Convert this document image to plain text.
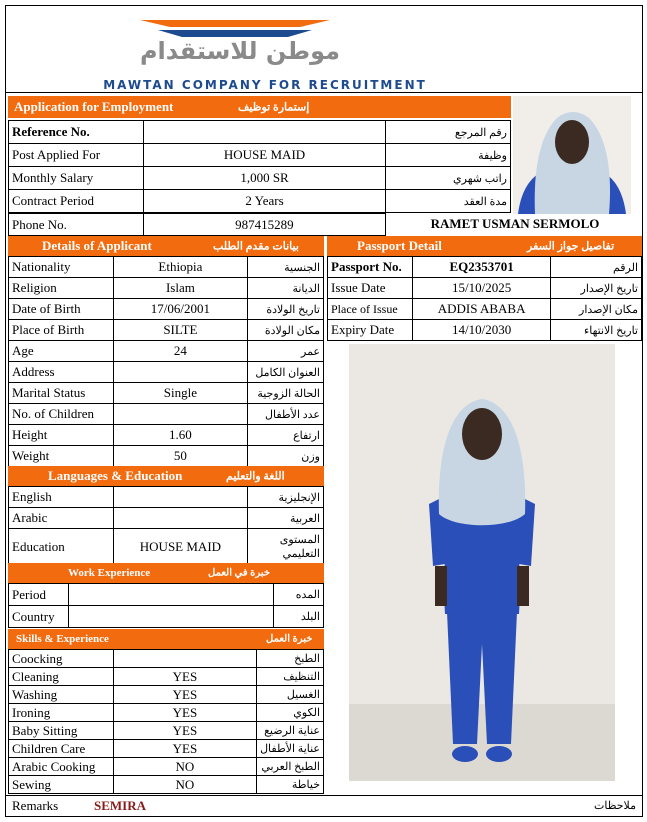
موطن للاستقدام
MAWTAN COMPANY FOR RECRUITMENT
Application for Employment	إستمارة توظيف
Reference No.		رقم المرجع
Post Applied For	HOUSE MAID	وظيفة
Monthly Salary	1,000 SR	راتب شهري
Contract Period	2 Years	مدة العقد
Phone No.	987415289	RAMET USMAN SERMOLO
Details of Applicant	بيانات مقدم الطلب
Nationality	Ethiopia	الجنسية
Religion	Islam	الديانة
Date of Birth	17/06/2001	تاريخ الولادة
Place of Birth	SILTE	مكان الولادة
Age	24	عمر
Address		العنوان الكامل
Marital Status	Single	الحالة الزوجية
No. of Children		عدد الأطفال
Height	1.60	ارتفاع
Weight	50	وزن
Passport Detail	تفاصيل جواز السفر
Passport No.	EQ2353701	الرقم
Issue Date	15/10/2025	تاريخ الإصدار
Place of Issue	ADDIS ABABA	مكان الإصدار
Expiry Date	14/10/2030	تاريخ الانتهاء
Languages & Education	اللغة والتعليم
English		الإنجليزية
Arabic		العربية
Education	HOUSE MAID	المستوى التعليمي
Work Experience	خبرة في العمل
Period		المده
Country		البلد
Skills & Experience	خبرة العمل
Coocking		الطبخ
Cleaning	YES	التنظيف
Washing	YES	الغسيل
Ironing	YES	الكوي
Baby Sitting	YES	عناية الرضيع
Children Care	YES	عناية الأطفال
Arabic Cooking	NO	الطبخ العربي
Sewing	NO	خياطة
Remarks	SEMIRA	ملاحظات
